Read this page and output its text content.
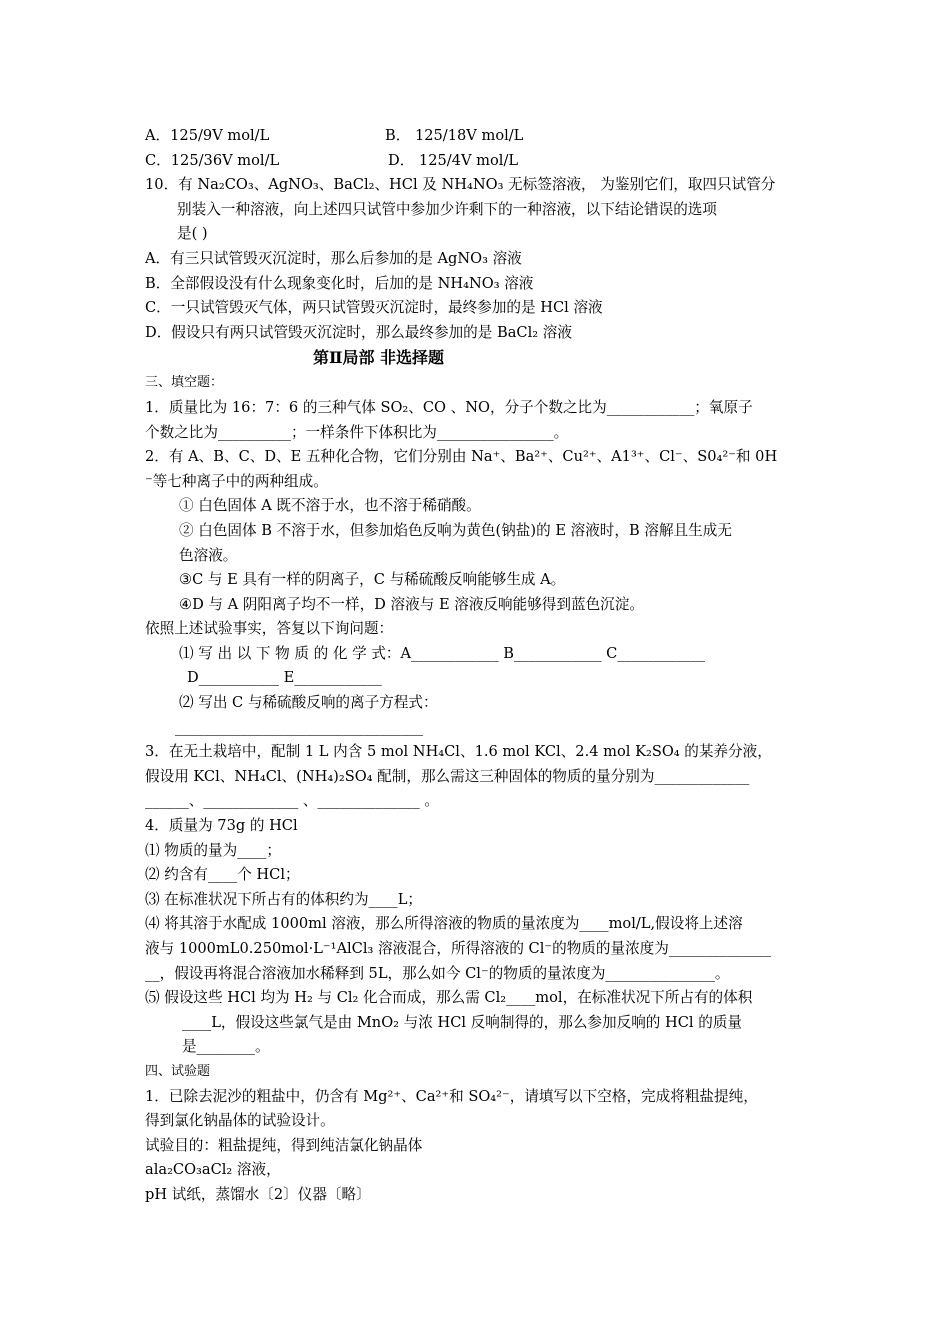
A．125/9V mol/L	B． 125/18V mol/L
C．125/36V mol/L	D． 125/4V mol/L
10．有 Na₂CO₃、AgNO₃、BaCl₂、HCl 及 NH₄NO₃ 无标签溶液， 为鉴别它们，取四只试管分
别装入一种溶液，向上述四只试管中参加少许剩下的一种溶液，以下结论错误的选项
是( )
A．有三只试管毁灭沉淀时，那么后参加的是 AgNO₃ 溶液
B．全部假设没有什么现象变化时，后加的是 NH₄NO₃ 溶液
C．一只试管毁灭气体，两只试管毁灭沉淀时，最终参加的是 HCl 溶液
D．假设只有两只试管毁灭沉淀时，那么最终参加的是 BaCl₂ 溶液
第Ⅱ局部 非选择题
三、填空题：
1．质量比为 16：7：6 的三种气体 SO₂、CO 、NO，分子个数之比为____________；氧原子
个数之比为__________；一样条件下体积比为________________。
2．有 A、B、C、D、E 五种化合物，它们分别由 Na⁺、Ba²⁺、Cu²⁺、A1³⁺、Cl⁻、S0₄²⁻和 0H
⁻等七种离子中的两种组成。
① 白色固体 A 既不溶于水，也不溶于稀硝酸。
② 白色固体 B 不溶于水，但参加焰色反响为黄色(钠盐)的 E 溶液时，B 溶解且生成无
色溶液。
③C 与 E 具有一样的阴离子，C 与稀硫酸反响能够生成 A。
④D 与 A 阴阳离子均不一样，D 溶液与 E 溶液反响能够得到蓝色沉淀。
依照上述试验事实，答复以下询问题：
⑴ 写 出 以 下 物 质 的 化 学 式：A____________ B____________ C____________
D___________ E____________
⑵ 写出 C 与稀硫酸反响的离子方程式：
__________________________________
3．在无土栽培中，配制 1 L 内含 5 mol NH₄Cl、1.6 mol KCl、2.4 mol K₂SO₄ 的某养分液，
假设用 KCl、NH₄Cl、(NH₄)₂SO₄ 配制，那么需这三种固体的物质的量分别为_____________
______、_____________ 、______________ 。
4．质量为 73g 的 HCl
⑴ 物质的量为____；
⑵ 约含有____个 HCl；
⑶ 在标准状况下所占有的体积约为____L；
⑷ 将其溶于水配成 1000ml 溶液，那么所得溶液的物质的量浓度为____mol/L,假设将上述溶
液与 1000mL0.250mol·L⁻¹AlCl₃ 溶液混合，所得溶液的 Cl⁻的物质的量浓度为______________
__，假设再将混合溶液加水稀释到 5L，那么如今 Cl⁻的物质的量浓度为_______________。
⑸ 假设这些 HCl 均为 H₂ 与 Cl₂ 化合而成，那么需 Cl₂____mol，在标准状况下所占有的体积
____L，假设这些氯气是由 MnO₂ 与浓 HCl 反响制得的，那么参加反响的 HCl 的质量
是________。
四、试验题
1．已除去泥沙的粗盐中，仍含有 Mg²⁺、Ca²⁺和 SO₄²⁻，请填写以下空格，完成将粗盐提纯，
得到氯化钠晶体的试验设计。
试验目的：粗盐提纯，得到纯洁氯化钠晶体
ala₂CO₃aCl₂ 溶液，
pH 试纸，蒸馏水〔2〕仪器〔略〕
